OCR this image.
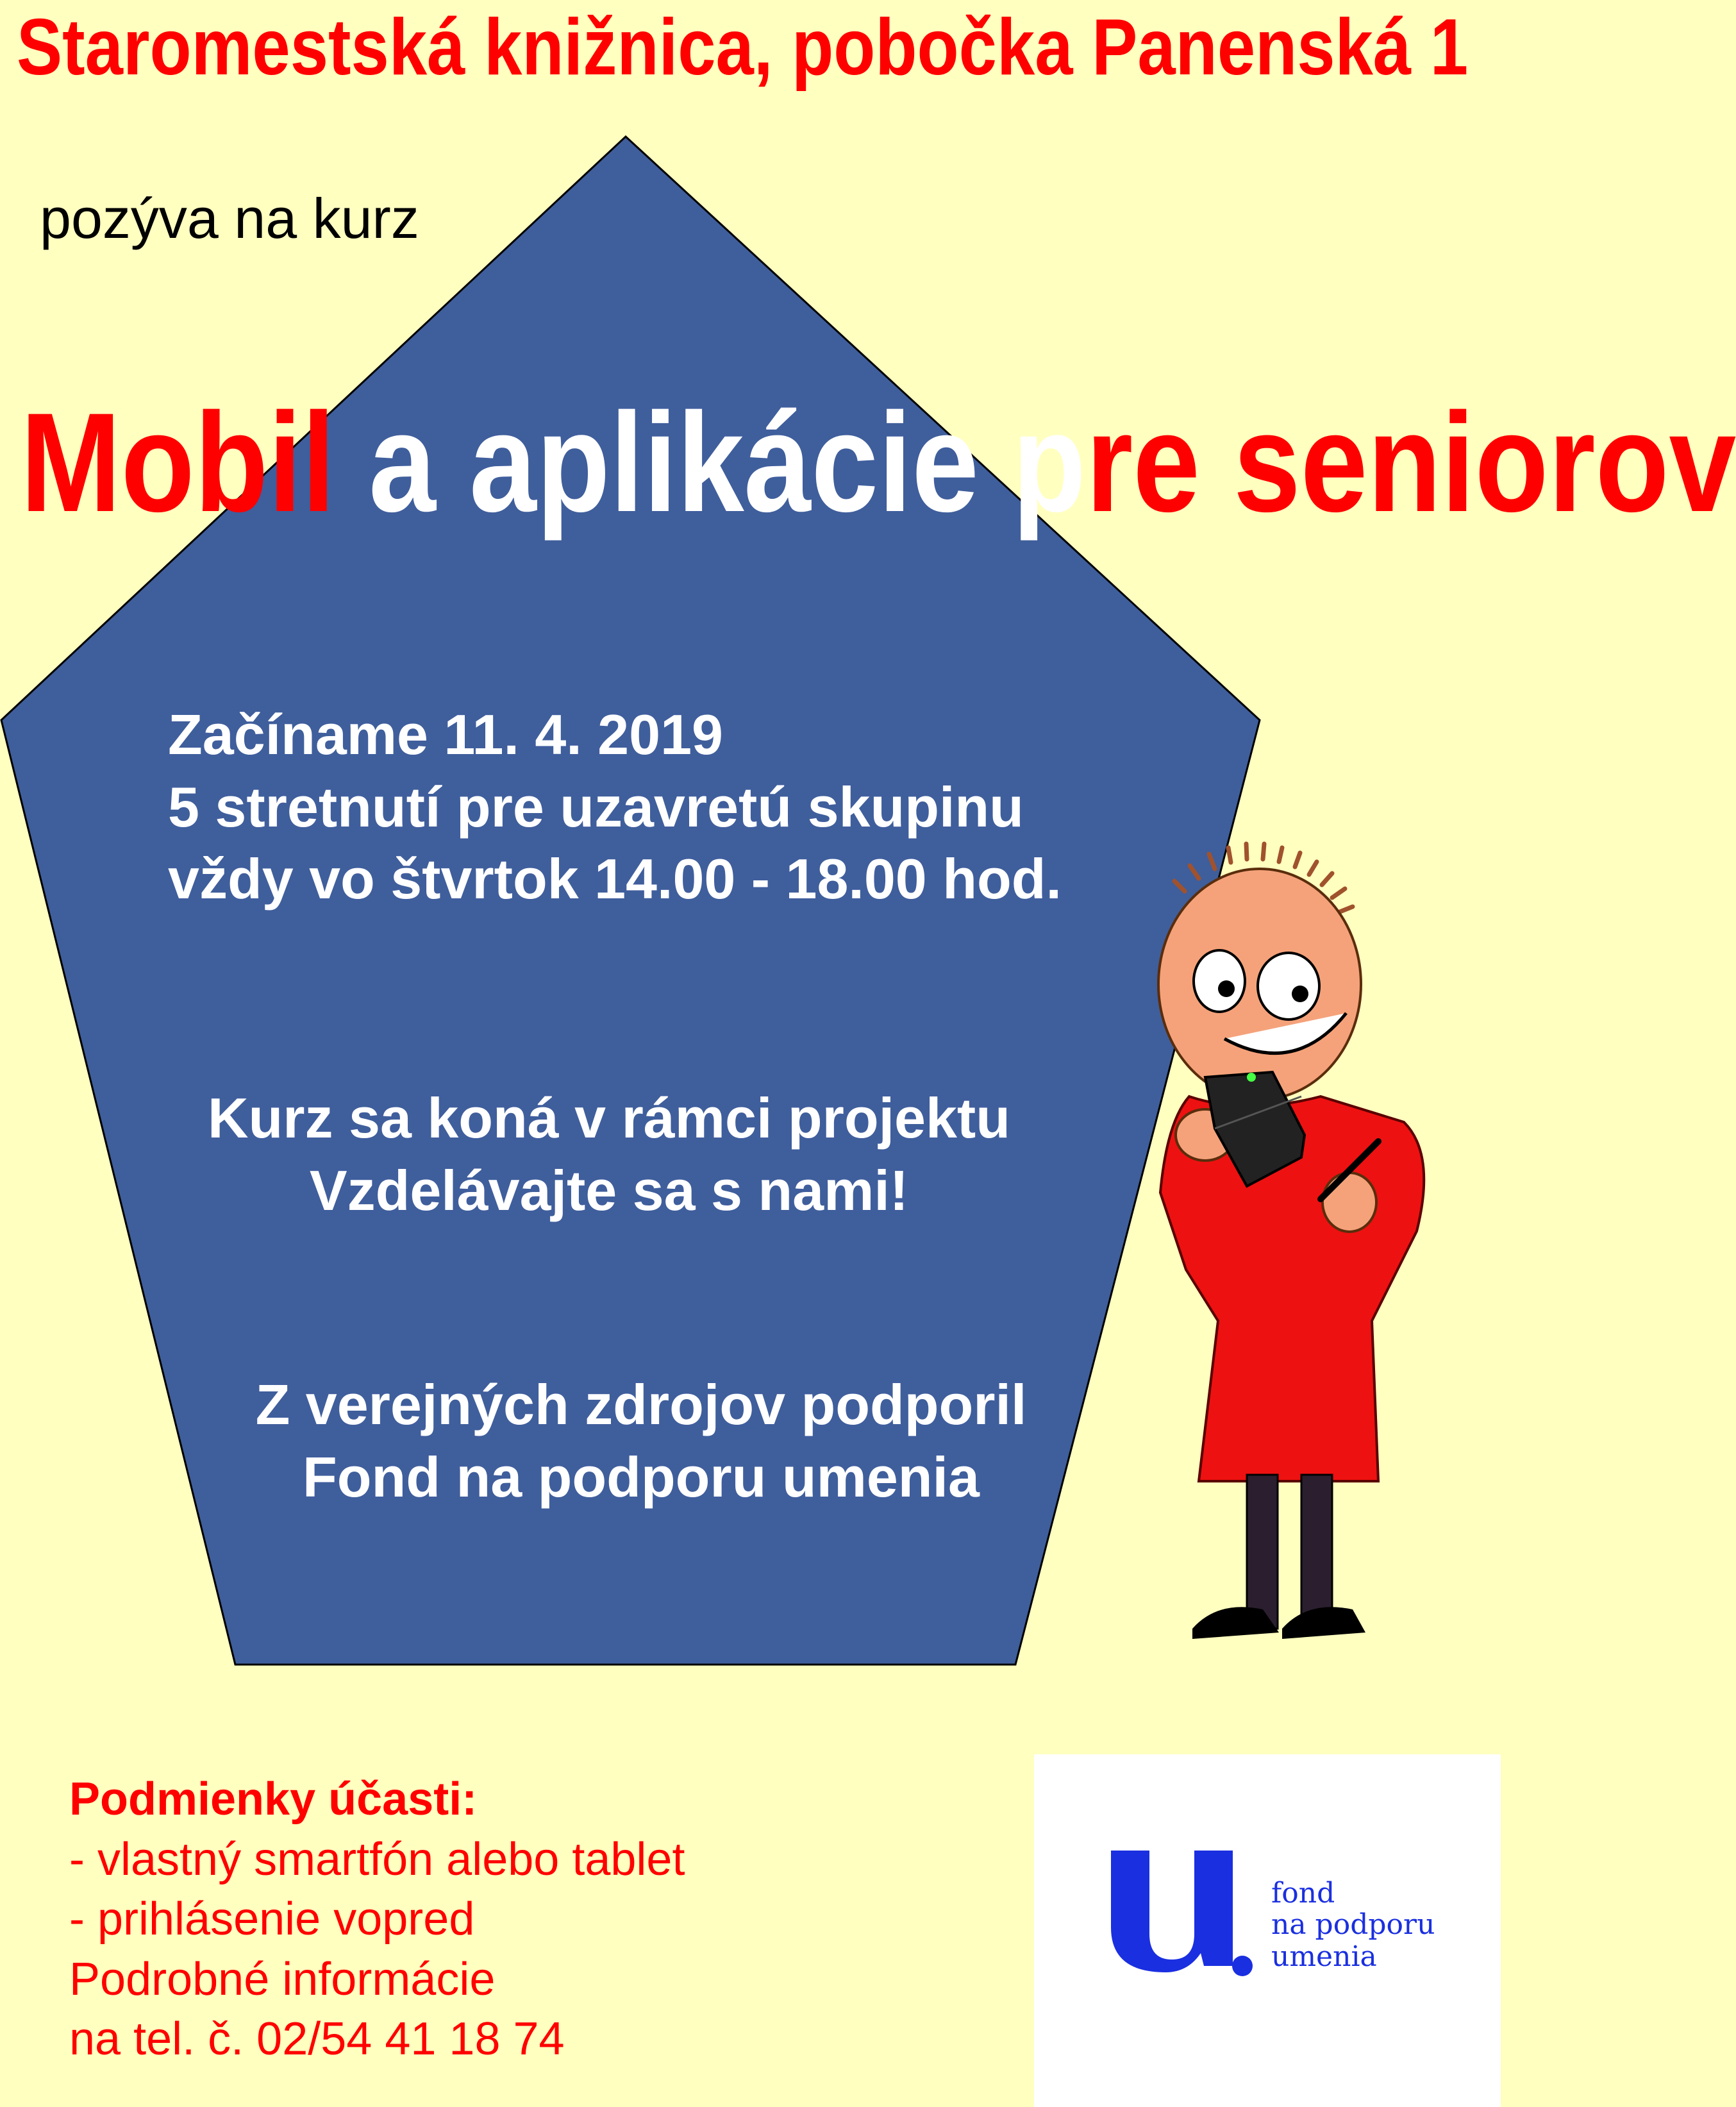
Staromestská knižnica, pobočka Panenská 1
pozýva na kurz
Mobil a aplikácie pre seniorov
Začíname 11. 4. 2019
5 stretnutí pre uzavretú skupinu
vždy vo štvrtok 14.00 - 18.00 hod.
Kurz sa koná v rámci projektu
Vzdelávajte sa s nami!
Z verejných zdrojov podporil
Fond na podporu umenia
Podmienky účasti:
- vlastný smartfón alebo tablet
- prihlásenie vopred
Podrobné informácie
na tel. č. 02/54 41 18 74
fond
na podporu
umenia
